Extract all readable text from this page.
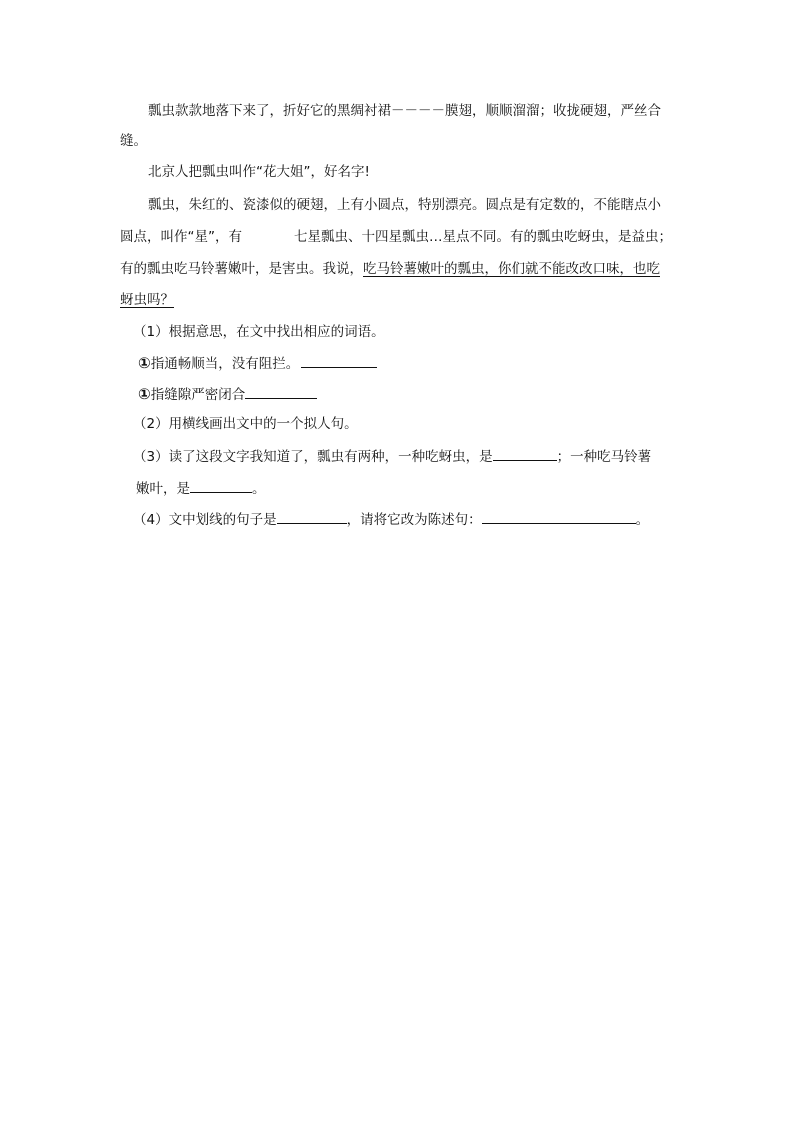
瓢虫款款地落下来了，折好它的黑绸衬裙－－－－膜翅，顺顺溜溜；收拢硬翅，严丝合
缝。
北京人把瓢虫叫作“花大姐”，好名字!
瓢虫，朱红的、瓷漆似的硬翅，上有小圆点，特别漂亮。圆点是有定数的，不能瞎点小
圆点，叫作“星”，有	七星瓢虫、十四星瓢虫…星点不同。有的瓢虫吃蚜虫，是益虫；
有的瓢虫吃马铃薯嫩叶，是害虫。我说，吃马铃薯嫩叶的瓢虫，你们就不能改改口味，也吃
蚜虫吗？
（1）根据意思，在文中找出相应的词语。
①指通畅顺当，没有阻拦。
①指缝隙严密闭合
（2）用横线画出文中的一个拟人句。
（3）读了这段文字我知道了，瓢虫有两种，一种吃蚜虫，是	；一种吃马铃薯
嫩叶，是	。
（4）文中划线的句子是	，请将它改为陈述句：	。
